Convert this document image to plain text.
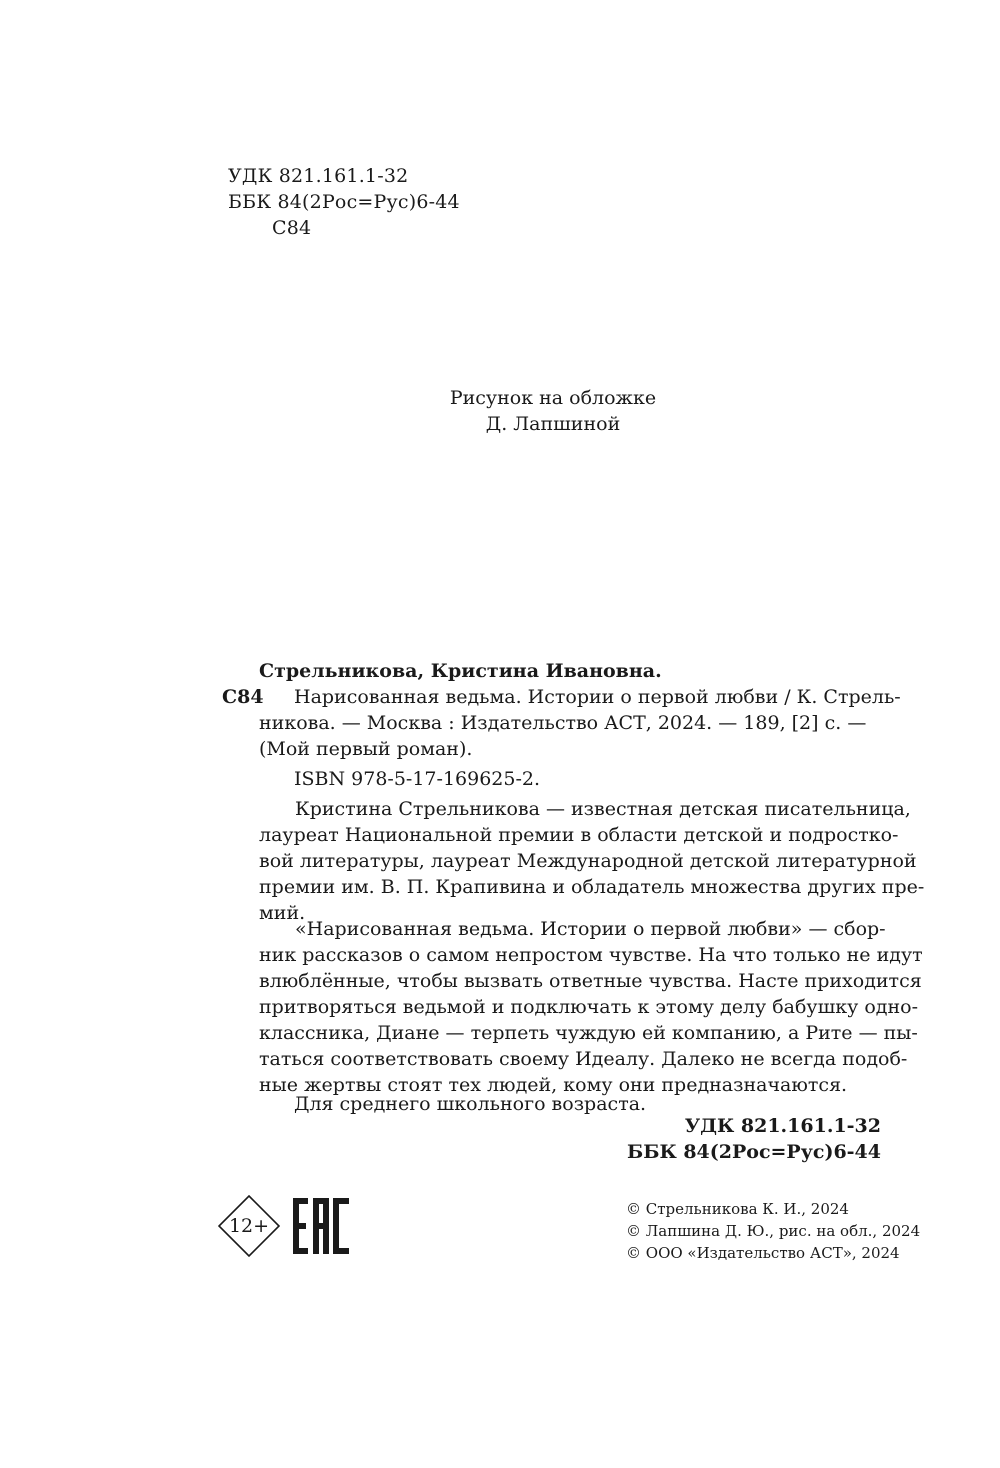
УДК 821.161.1-32
ББК 84(2Рос=Рус)6-44
С84
Рисунок на обложке
Д. Лапшиной
Стрельникова, Кристина Ивановна.
С84 Нарисованная ведьма. Истории о первой любви / К. Стрель-
никова. — Москва : Издательство АСТ, 2024. — 189, [2] с. —
(Мой первый роман).
ISBN 978-5-17-169625-2.
Кристина Стрельникова — известная детская писательница,
лауреат Национальной премии в области детской и подростко-
вой литературы, лауреат Международной детской литературной
премии им. В. П. Крапивина и обладатель множества других пре-
мий.
«Нарисованная ведьма. Истории о первой любви» — сбор-
ник рассказов о самом непростом чувстве. На что только не идут
влюблённые, чтобы вызвать ответные чувства. Насте приходится
притворяться ведьмой и подключать к этому делу бабушку одно-
классника, Диане — терпеть чуждую ей компанию, а Рите — пы-
таться соответствовать своему Идеалу. Далеко не всегда подоб-
ные жертвы стоят тех людей, кому они предназначаются.
Для среднего школьного возраста.
УДК 821.161.1-32
ББК 84(2Рос=Рус)6-44
12+
© Стрельникова К. И., 2024
© Лапшина Д. Ю., рис. на обл., 2024
© ООО «Издательство АСТ», 2024
